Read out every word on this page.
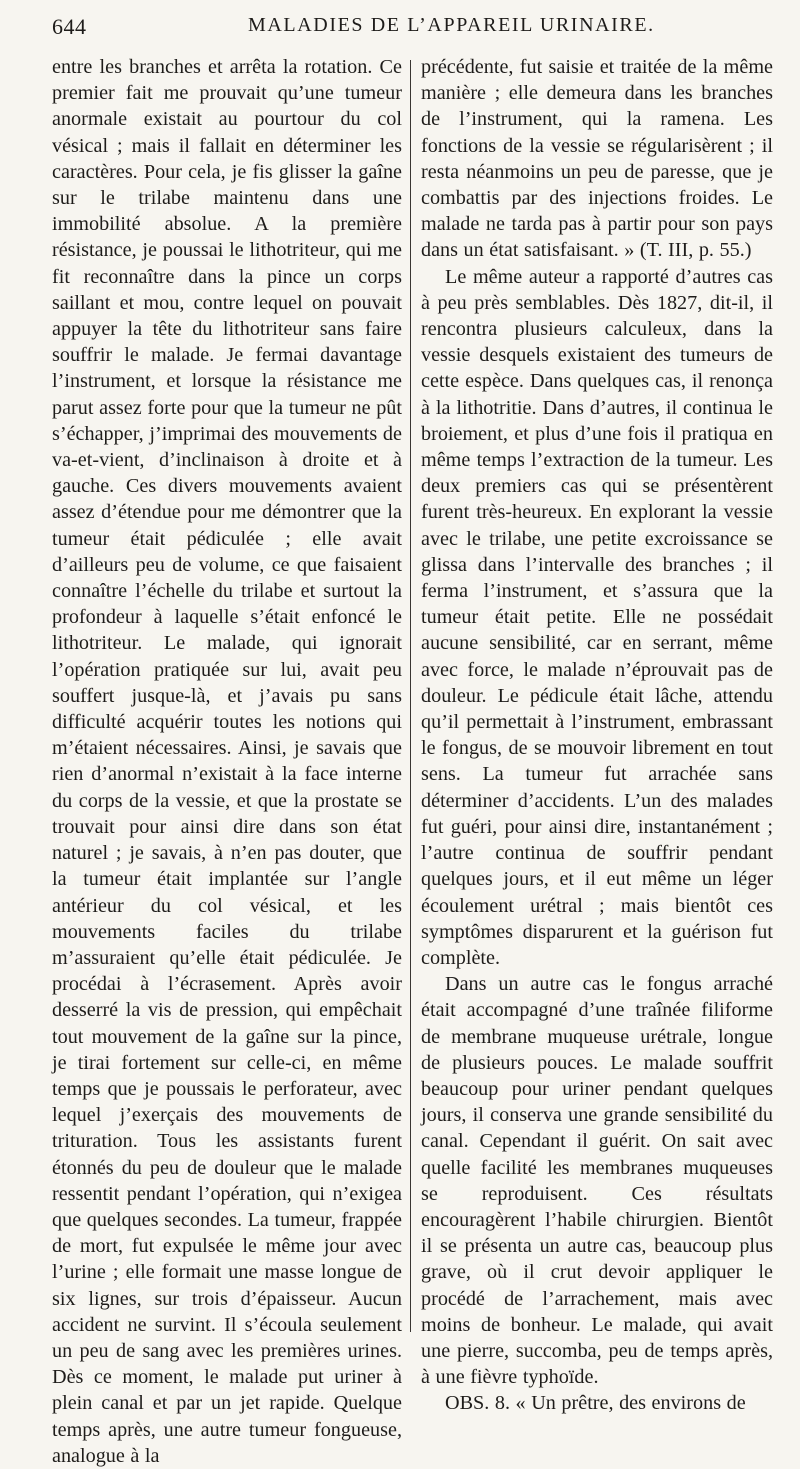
644	MALADIES DE L’APPAREIL URINAIRE.

entre les branches et arrêta la rotation. Ce premier fait me prouvait qu’une tumeur anormale existait au pourtour du col vésical ; mais il fallait en déterminer les caractères. Pour cela, je fis glisser la gaîne sur le trilabe maintenu dans une immobilité absolue. A la première résistance, je poussai le lithotriteur, qui me fit reconnaître dans la pince un corps saillant et mou, contre lequel on pouvait appuyer la tête du lithotriteur sans faire souffrir le malade. Je fermai davantage l’instrument, et lorsque la résistance me parut assez forte pour que la tumeur ne pût s’échapper, j’imprimai des mouvements de va-et-vient, d’inclinaison à droite et à gauche. Ces divers mouvements avaient assez d’étendue pour me démontrer que la tumeur était pédiculée ; elle avait d’ailleurs peu de volume, ce que faisaient connaître l’échelle du trilabe et surtout la profondeur à laquelle s’était enfoncé le lithotriteur. Le malade, qui ignorait l’opération pratiquée sur lui, avait peu souffert jusque-là, et j’avais pu sans difficulté acquérir toutes les notions qui m’étaient nécessaires. Ainsi, je savais que rien d’anormal n’existait à la face interne du corps de la vessie, et que la prostate se trouvait pour ainsi dire dans son état naturel ; je savais, à n’en pas douter, que la tumeur était implantée sur l’angle antérieur du col vésical, et les mouvements faciles du trilabe m’assuraient qu’elle était pédiculée. Je procédai à l’écrasement. Après avoir desserré la vis de pression, qui empêchait tout mouvement de la gaîne sur la pince, je tirai fortement sur celle-ci, en même temps que je poussais le perforateur, avec lequel j’exerçais des mouvements de trituration. Tous les assistants furent étonnés du peu de douleur que le malade ressentit pendant l’opération, qui n’exigea que quelques secondes. La tumeur, frappée de mort, fut expulsée le même jour avec l’urine ; elle formait une masse longue de six lignes, sur trois d’épaisseur. Aucun accident ne survint. Il s’écoula seulement un peu de sang avec les premières urines. Dès ce moment, le malade put uriner à plein canal et par un jet rapide. Quelque temps après, une autre tumeur fongueuse, analogue à la

précédente, fut saisie et traitée de la même manière ; elle demeura dans les branches de l’instrument, qui la ramena. Les fonctions de la vessie se régularisèrent ; il resta néanmoins un peu de paresse, que je combattis par des injections froides. Le malade ne tarda pas à partir pour son pays dans un état satisfaisant. » (T. III, p. 55.)

Le même auteur a rapporté d’autres cas à peu près semblables. Dès 1827, dit-il, il rencontra plusieurs calculeux, dans la vessie desquels existaient des tumeurs de cette espèce. Dans quelques cas, il renonça à la lithotritie. Dans d’autres, il continua le broiement, et plus d’une fois il pratiqua en même temps l’extraction de la tumeur. Les deux premiers cas qui se présentèrent furent très-heureux. En explorant la vessie avec le trilabe, une petite excroissance se glissa dans l’intervalle des branches ; il ferma l’instrument, et s’assura que la tumeur était petite. Elle ne possédait aucune sensibilité, car en serrant, même avec force, le malade n’éprouvait pas de douleur. Le pédicule était lâche, attendu qu’il permettait à l’instrument, embrassant le fongus, de se mouvoir librement en tout sens. La tumeur fut arrachée sans déterminer d’accidents. L’un des malades fut guéri, pour ainsi dire, instantanément ; l’autre continua de souffrir pendant quelques jours, et il eut même un léger écoulement urétral ; mais bientôt ces symptômes disparurent et la guérison fut complète.

Dans un autre cas le fongus arraché était accompagné d’une traînée filiforme de membrane muqueuse urétrale, longue de plusieurs pouces. Le malade souffrit beaucoup pour uriner pendant quelques jours, il conserva une grande sensibilité du canal. Cependant il guérit. On sait avec quelle facilité les membranes muqueuses se reproduisent. Ces résultats encouragèrent l’habile chirurgien. Bientôt il se présenta un autre cas, beaucoup plus grave, où il crut devoir appliquer le procédé de l’arrachement, mais avec moins de bonheur. Le malade, qui avait une pierre, succomba, peu de temps après, à une fièvre typhoïde.

OBS. 8. « Un prêtre, des environs de
